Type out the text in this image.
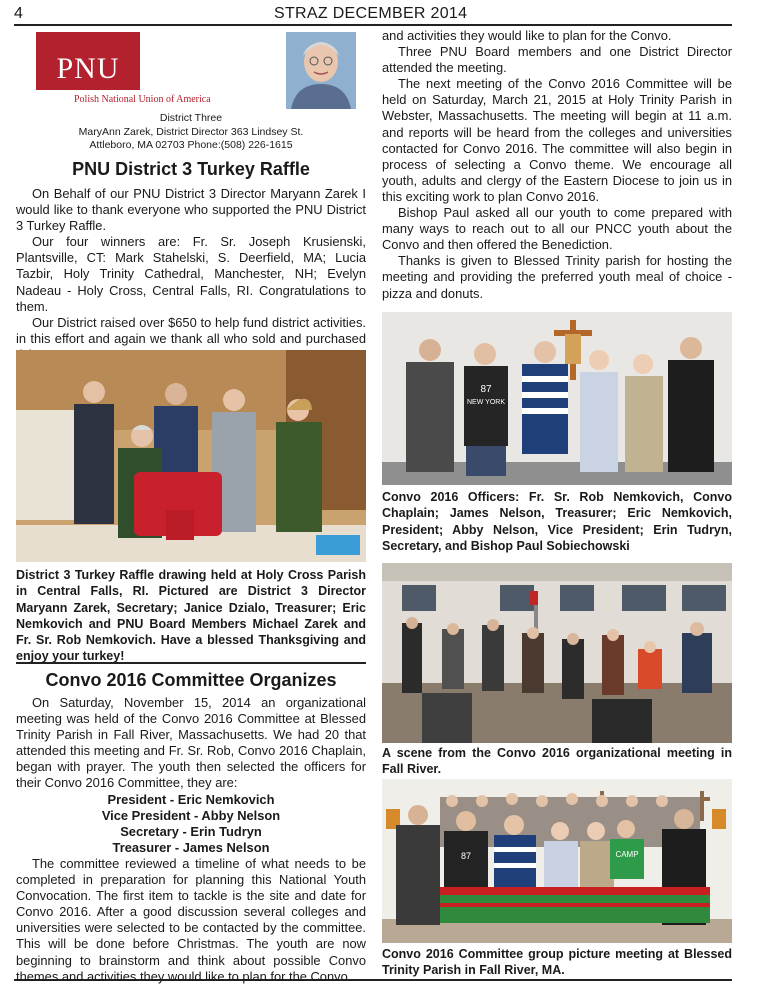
4	STRAZ DECEMBER 2014
PNU
Polish National Union of America
District Three
MaryAnn Zarek, District Director 363 Lindsey St.
Attleboro, MA 02703 Phone:(508) 226-1615
PNU District 3 Turkey Raffle

On Behalf of our PNU District 3 Director Maryann Zarek I would like to thank everyone who supported the PNU District 3 Turkey Raffle.

Our four winners are: Fr. Sr. Joseph Krusienski, Plantsville, CT: Mark Stahelski, S. Deerfield, MA; Lucia Tazbir, Holy Trinity Cathedral, Manchester, NH; Evelyn Nadeau - Holy Cross, Central Falls, RI. Congratulations to them.

Our District raised over $650 to help fund district activities. in this effort and again we thank all who sold and purchased

District 3 Turkey Raffle drawing held at Holy Cross Parish in Central Falls, RI. Pictured are District 3 Director Maryann Zarek, Secretary; Janice Dzialo, Treasurer; Eric Nemkovich and PNU Board Members Michael Zarek and Fr. Sr. Rob Nemkovich. Have a blessed Thanksgiving and enjoy your turkey!
Convo 2016 Committee Organizes

On Saturday, November 15, 2014 an organizational meeting was held of the Convo 2016 Committee at Blessed Trinity Parish in Fall River, Massachusetts. We had 20 that attended this meeting and Fr. Sr. Rob, Convo 2016 Chaplain, began with prayer. The youth then selected the officers for their Convo 2016 Committee, they are:

President - Eric Nemkovich

Vice President - Abby Nelson

Secretary - Erin Tudryn

Treasurer - James Nelson

The committee reviewed a timeline of what needs to be completed in preparation for planning this National Youth Convocation. The first item to tackle is the site and date for Convo 2016. After a good discussion several colleges and universities were selected to be contacted by the committee. This will be done before Christmas. The youth are now beginning to brainstorm and think about possible Convo themes and activities they would like to plan for the Convo.

and activities they would like to plan for the Convo.

Three PNU Board members and one District Director attended the meeting.

The next meeting of the Convo 2016 Committee will be held on Saturday, March 21, 2015 at Holy Trinity Parish in Webster, Massachusetts. The meeting will begin at 11 a.m. and reports will be heard from the colleges and universities contacted for Convo 2016. The committee will also begin in process of selecting a Convo theme. We encourage all youth, adults and clergy of the Eastern Diocese to join us in this exciting work to plan Convo 2016.

Bishop Paul asked all our youth to come prepared with many ways to reach out to all our PNCC youth about the Convo and then offered the Benediction.

Thanks is given to Blessed Trinity parish for hosting the meeting and providing the preferred youth meal of choice - pizza and donuts.

87
NEW YORK
Convo 2016 Officers: Fr. Sr. Rob Nemkovich, Convo Chaplain; James Nelson, Treasurer; Eric Nemkovich, President; Abby Nelson, Vice President; Erin Tudryn, Secretary, and Bishop Paul Sobiechowski
A scene from the Convo 2016 organizational meeting in Fall River.
87	CAMP
Convo 2016 Committee group picture meeting at Blessed Trinity Parish in Fall River, MA.
